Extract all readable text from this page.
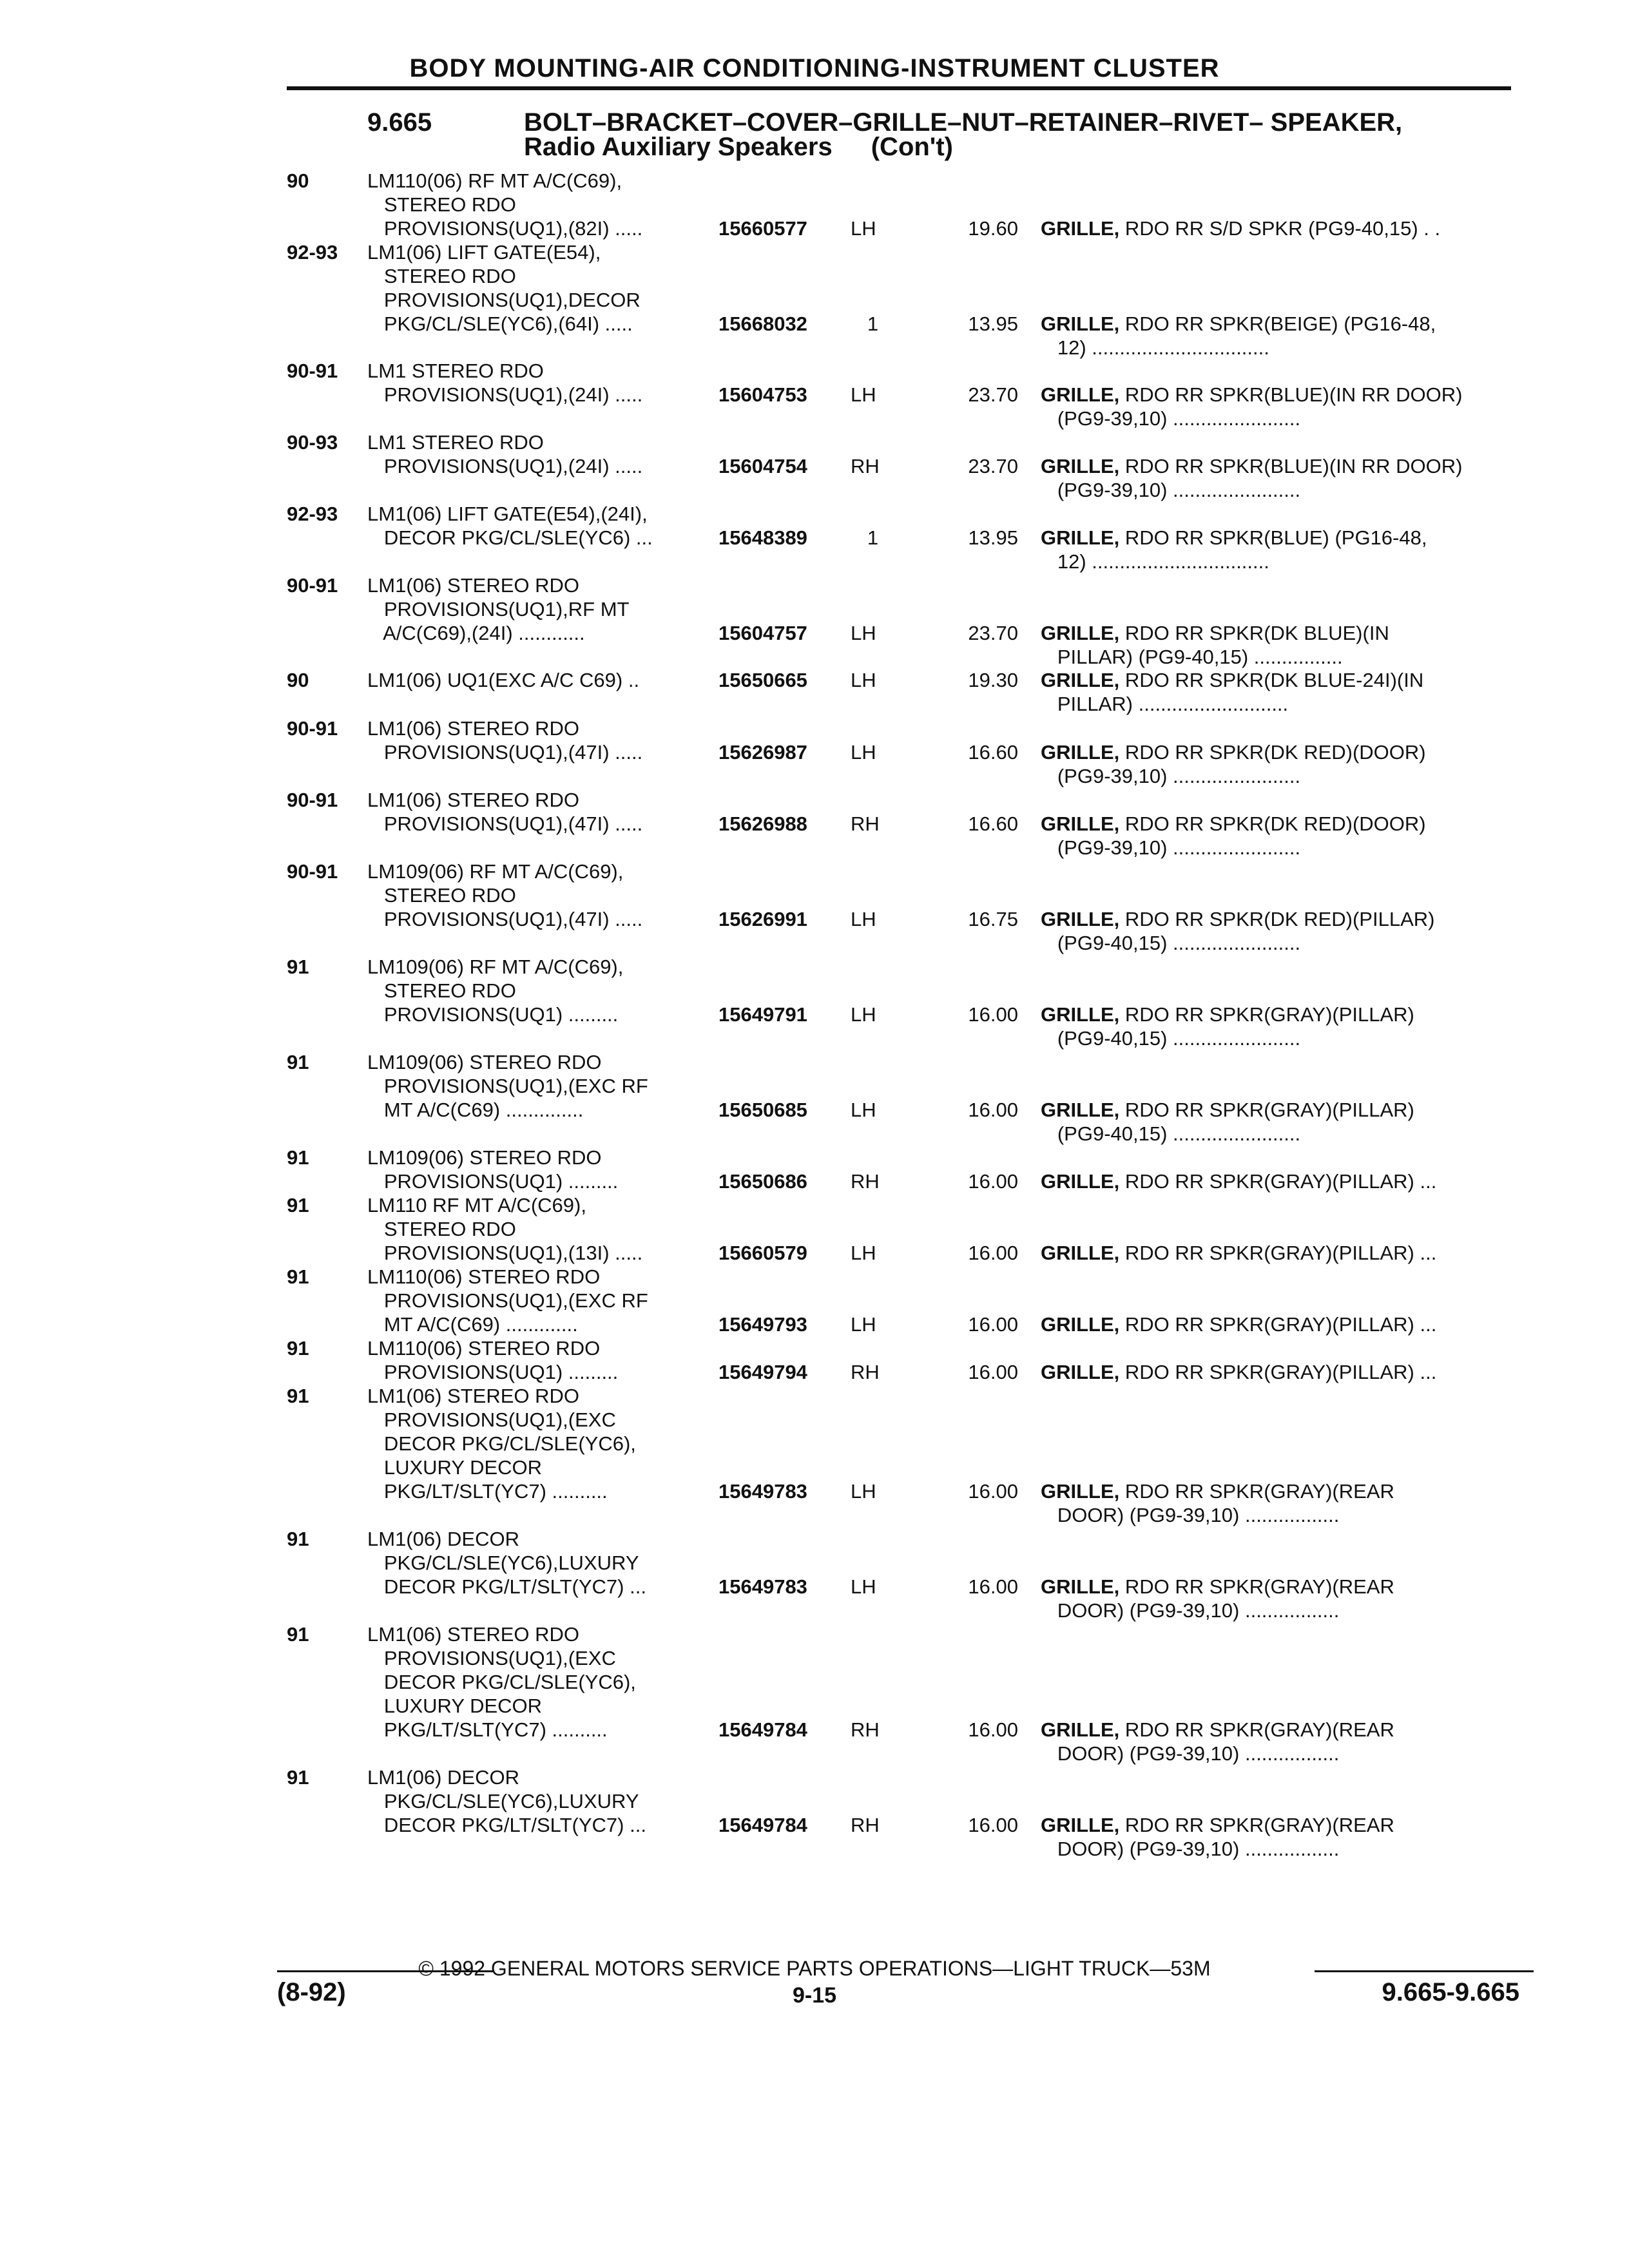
BODY MOUNTING-AIR CONDITIONING-INSTRUMENT CLUSTER
9.665	BOLT–BRACKET–COVER–GRILLE–NUT–RETAINER–RIVET– SPEAKER,
Radio Auxiliary Speakers (Con't)
90	LM110(06) RF MT A/C(C69),
STEREO RDO
PROVISIONS(UQ1),(82I) .....	15660577 LH	19.60 GRILLE, RDO RR S/D SPKR (PG9-40,15) . .
92-93 LM1(06) LIFT GATE(E54),
STEREO RDO
PROVISIONS(UQ1),DECOR
PKG/CL/SLE(YC6),(64I) .....	15668032 1	13.95 GRILLE, RDO RR SPKR(BEIGE) (PG16-48,
12) ................................
90-91 LM1 STEREO RDO
PROVISIONS(UQ1),(24I) .....	15604753 LH	23.70 GRILLE, RDO RR SPKR(BLUE)(IN RR DOOR)
(PG9-39,10) .......................
90-93 LM1 STEREO RDO
PROVISIONS(UQ1),(24I) .....	15604754 RH	23.70 GRILLE, RDO RR SPKR(BLUE)(IN RR DOOR)
(PG9-39,10) .......................
92-93 LM1(06) LIFT GATE(E54),(24I),
DECOR PKG/CL/SLE(YC6) ...	15648389 1	13.95 GRILLE, RDO RR SPKR(BLUE) (PG16-48,
12) ................................
90-91 LM1(06) STEREO RDO
PROVISIONS(UQ1),RF MT
A/C(C69),(24I) ............	15604757 LH	23.70 GRILLE, RDO RR SPKR(DK BLUE)(IN
PILLAR) (PG9-40,15) ................
90	LM1(06) UQ1(EXC A/C C69) ..	15650665 LH	19.30 GRILLE, RDO RR SPKR(DK BLUE-24I)(IN
PILLAR) ...........................
90-91 LM1(06) STEREO RDO
PROVISIONS(UQ1),(47I) .....	15626987 LH	16.60 GRILLE, RDO RR SPKR(DK RED)(DOOR)
(PG9-39,10) .......................
90-91 LM1(06) STEREO RDO
PROVISIONS(UQ1),(47I) .....	15626988 RH	16.60 GRILLE, RDO RR SPKR(DK RED)(DOOR)
(PG9-39,10) .......................
90-91 LM109(06) RF MT A/C(C69),
STEREO RDO
PROVISIONS(UQ1),(47I) .....	15626991 LH	16.75 GRILLE, RDO RR SPKR(DK RED)(PILLAR)
(PG9-40,15) .......................
91	LM109(06) RF MT A/C(C69),
STEREO RDO
PROVISIONS(UQ1) .........	15649791 LH	16.00 GRILLE, RDO RR SPKR(GRAY)(PILLAR)
(PG9-40,15) .......................
91	LM109(06) STEREO RDO
PROVISIONS(UQ1),(EXC RF
MT A/C(C69) ..............	15650685 LH	16.00 GRILLE, RDO RR SPKR(GRAY)(PILLAR)
(PG9-40,15) .......................
91	LM109(06) STEREO RDO
PROVISIONS(UQ1) .........	15650686 RH	16.00 GRILLE, RDO RR SPKR(GRAY)(PILLAR) ...
91	LM110 RF MT A/C(C69),
STEREO RDO
PROVISIONS(UQ1),(13I) .....	15660579 LH	16.00 GRILLE, RDO RR SPKR(GRAY)(PILLAR) ...
91	LM110(06) STEREO RDO
PROVISIONS(UQ1),(EXC RF
MT A/C(C69) .............	15649793 LH	16.00 GRILLE, RDO RR SPKR(GRAY)(PILLAR) ...
91	LM110(06) STEREO RDO
PROVISIONS(UQ1) .........	15649794 RH	16.00 GRILLE, RDO RR SPKR(GRAY)(PILLAR) ...
91	LM1(06) STEREO RDO
PROVISIONS(UQ1),(EXC
DECOR PKG/CL/SLE(YC6),
LUXURY DECOR
PKG/LT/SLT(YC7) ..........	15649783 LH	16.00 GRILLE, RDO RR SPKR(GRAY)(REAR
DOOR) (PG9-39,10) .................
91	LM1(06) DECOR
PKG/CL/SLE(YC6),LUXURY
DECOR PKG/LT/SLT(YC7) ...	15649783 LH	16.00 GRILLE, RDO RR SPKR(GRAY)(REAR
DOOR) (PG9-39,10) .................
91	LM1(06) STEREO RDO
PROVISIONS(UQ1),(EXC
DECOR PKG/CL/SLE(YC6),
LUXURY DECOR
PKG/LT/SLT(YC7) ..........	15649784 RH	16.00 GRILLE, RDO RR SPKR(GRAY)(REAR
DOOR) (PG9-39,10) .................
91	LM1(06) DECOR
PKG/CL/SLE(YC6),LUXURY
DECOR PKG/LT/SLT(YC7) ...	15649784 RH	16.00 GRILLE, RDO RR SPKR(GRAY)(REAR
DOOR) (PG9-39,10) .................
© 1992 GENERAL MOTORS SERVICE PARTS OPERATIONS—LIGHT TRUCK—53M
(8-92)	9-15	9.665-9.665
